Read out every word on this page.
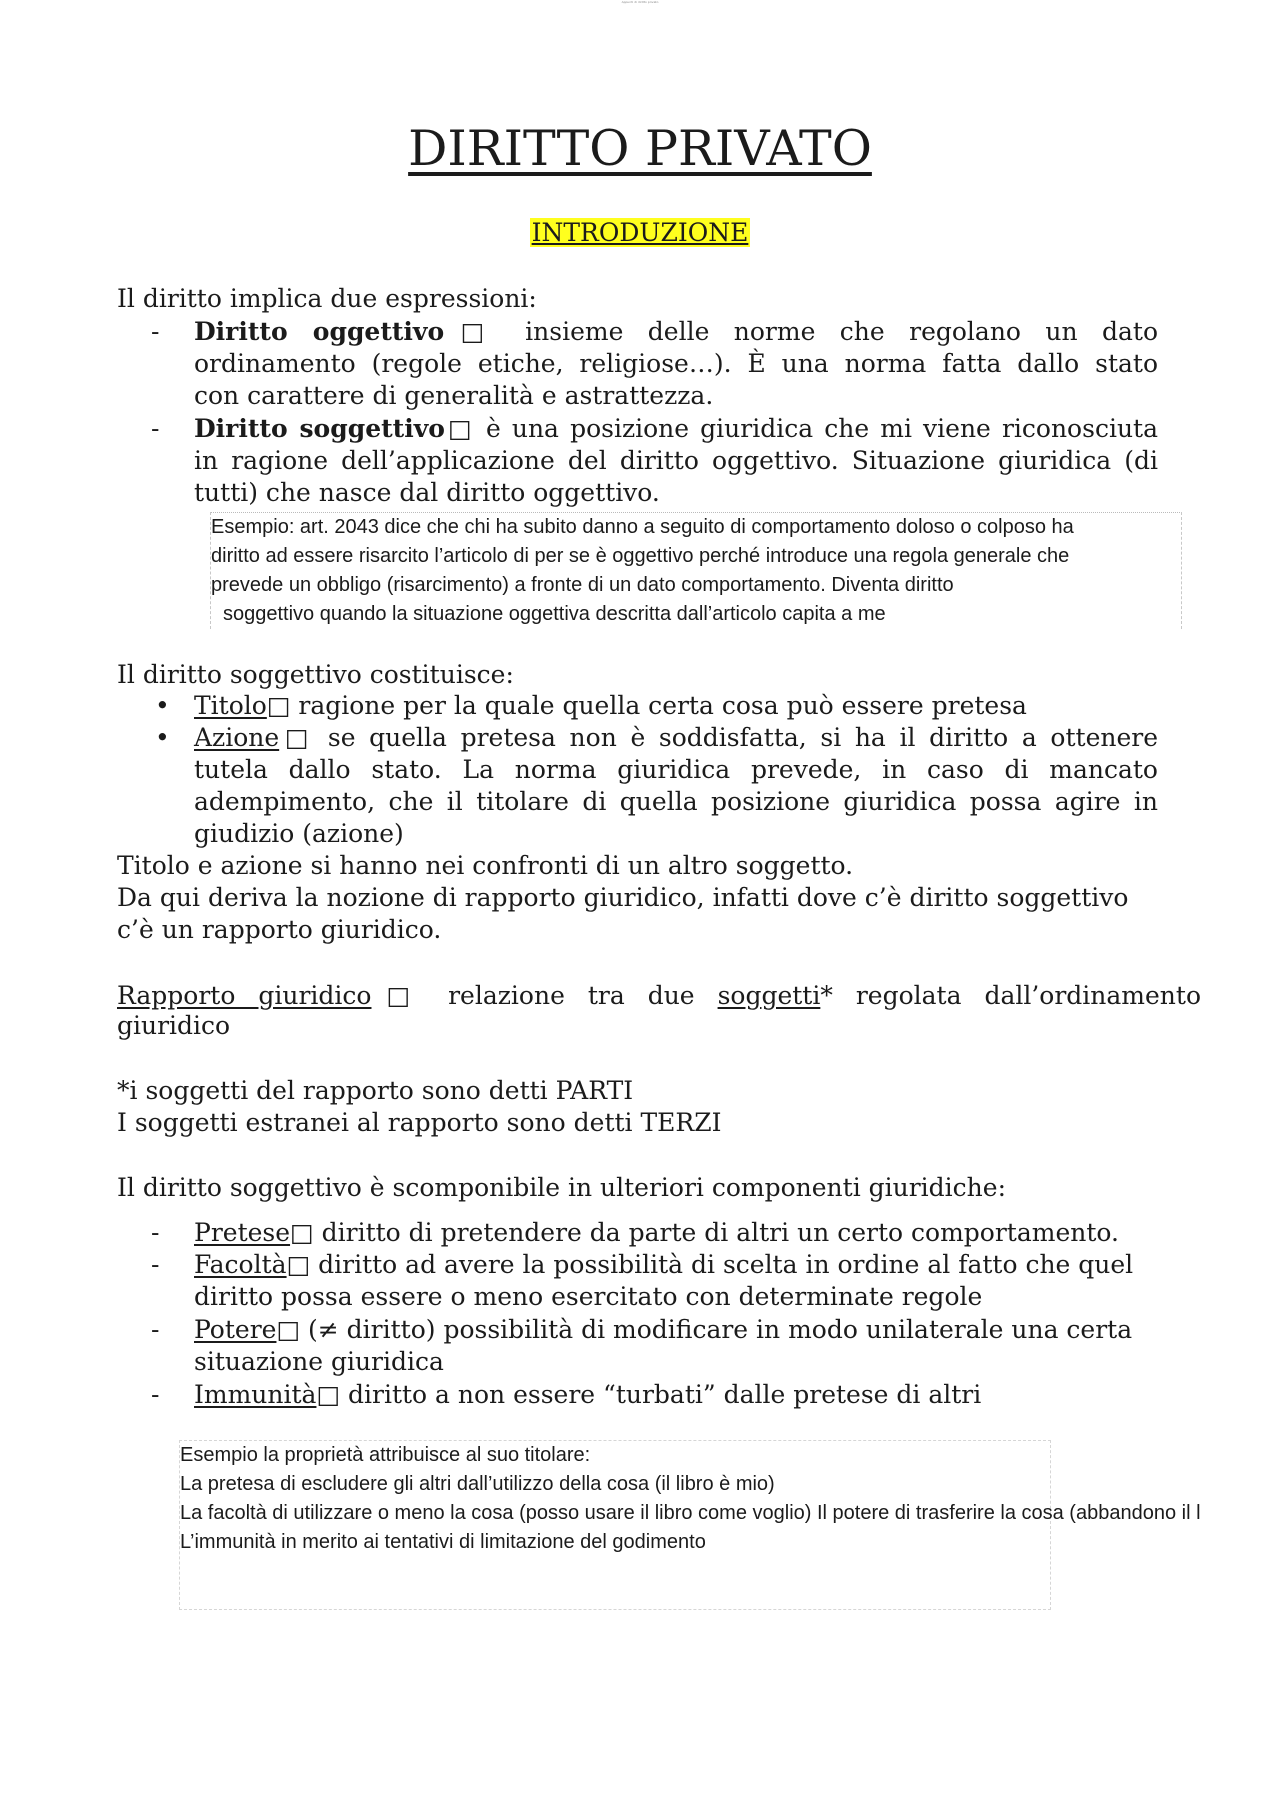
Appunti di diritto privato
DIRITTO PRIVATO
INTRODUZIONE
Il diritto implica due espressioni:
- Diritto oggettivo□ insieme delle norme che regolano un dato
ordinamento (regole etiche, religiose…). È una norma fatta dallo stato
con carattere di generalità e astrattezza.
- Diritto soggettivo□ è una posizione giuridica che mi viene riconosciuta
in ragione dell’applicazione del diritto oggettivo. Situazione giuridica (di
tutti) che nasce dal diritto oggettivo.
Esempio: art. 2043 dice che chi ha subito danno a seguito di comportamento doloso o colposo ha
diritto ad essere risarcito l’articolo di per se è oggettivo perché introduce una regola generale che
prevede un obbligo (risarcimento) a fronte di un dato comportamento. Diventa diritto
soggettivo quando la situazione oggettiva descritta dall’articolo capita a me
Il diritto soggettivo costituisce:
• Titolo□ ragione per la quale quella certa cosa può essere pretesa
• Azione□ se quella pretesa non è soddisfatta, si ha il diritto a ottenere
tutela dallo stato. La norma giuridica prevede, in caso di mancato
adempimento, che il titolare di quella posizione giuridica possa agire in
giudizio (azione)
Titolo e azione si hanno nei confronti di un altro soggetto.
Da qui deriva la nozione di rapporto giuridico, infatti dove c’è diritto soggettivo
c’è un rapporto giuridico.
Rapporto giuridico□ relazione tra due soggetti* regolata dall’ordinamento
giuridico
*i soggetti del rapporto sono detti PARTI
I soggetti estranei al rapporto sono detti TERZI
Il diritto soggettivo è scomponibile in ulteriori componenti giuridiche:
- Pretese□ diritto di pretendere da parte di altri un certo comportamento.
- Facoltà□ diritto ad avere la possibilità di scelta in ordine al fatto che quel
diritto possa essere o meno esercitato con determinate regole
- Potere□ (≠ diritto) possibilità di modificare in modo unilaterale una certa
situazione giuridica
- Immunità□ diritto a non essere “turbati” dalle pretese di altri
Esempio la proprietà attribuisce al suo titolare:
La pretesa di escludere gli altri dall’utilizzo della cosa (il libro è mio)
La facoltà di utilizzare o meno la cosa (posso usare il libro come voglio) Il potere di trasferire la cosa (abbandono il l
L’immunità in merito ai tentativi di limitazione del godimento
